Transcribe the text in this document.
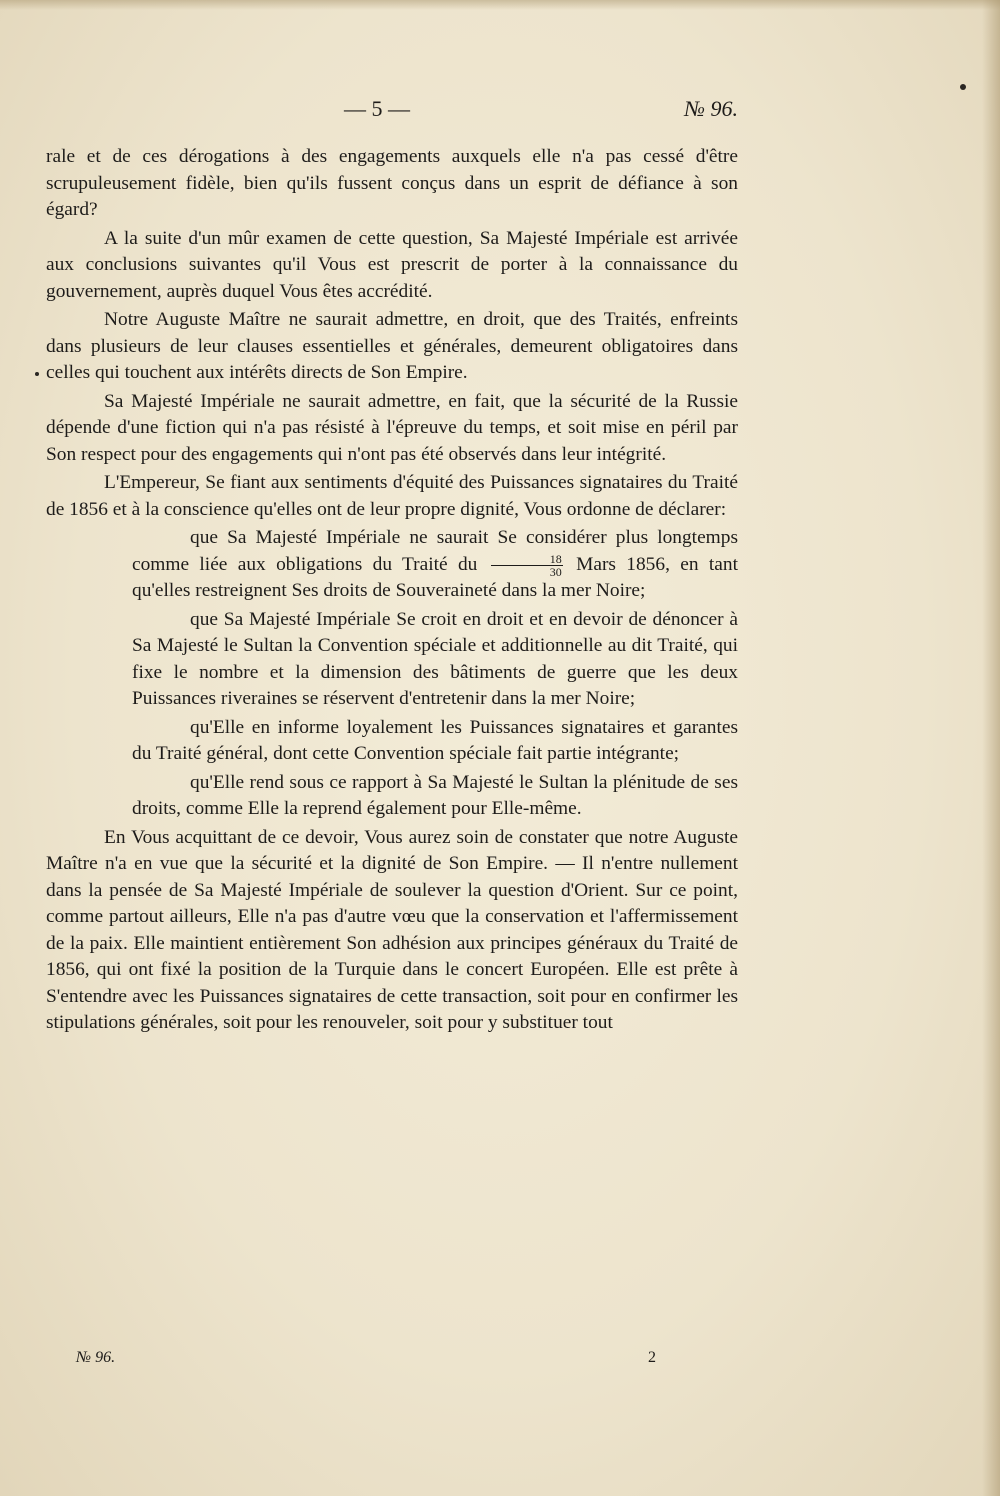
— 5 —	№ 96.

rale et de ces dérogations à des engagements auxquels elle n'a pas cessé d'être scrupuleusement fidèle, bien qu'ils fussent conçus dans un esprit de défiance à son égard?

A la suite d'un mûr examen de cette question, Sa Majesté Impériale est arrivée aux conclusions suivantes qu'il Vous est prescrit de porter à la connaissance du gouvernement, auprès duquel Vous êtes accrédité.

Notre Auguste Maître ne saurait admettre, en droit, que des Traités, enfreints dans plusieurs de leur clauses essentielles et générales, demeurent obligatoires dans celles qui touchent aux intérêts directs de Son Empire.

Sa Majesté Impériale ne saurait admettre, en fait, que la sécurité de la Russie dépende d'une fiction qui n'a pas résisté à l'épreuve du temps, et soit mise en péril par Son respect pour des engagements qui n'ont pas été observés dans leur intégrité.

L'Empereur, Se fiant aux sentiments d'équité des Puissances signataires du Traité de 1856 et à la conscience qu'elles ont de leur propre dignité, Vous ordonne de déclarer:

que Sa Majesté Impériale ne saurait Se considérer plus longtemps comme liée aux obligations du Traité du $\frac{18}{30}$ Mars 1856, en tant qu'elles restreignent Ses droits de Souveraineté dans la mer Noire;

que Sa Majesté Impériale Se croit en droit et en devoir de dénoncer à Sa Majesté le Sultan la Convention spéciale et additionnelle au dit Traité, qui fixe le nombre et la dimension des bâtiments de guerre que les deux Puissances riveraines se réservent d'entretenir dans la mer Noire;

qu'Elle en informe loyalement les Puissances signataires et garantes du Traité général, dont cette Convention spéciale fait partie intégrante;

qu'Elle rend sous ce rapport à Sa Majesté le Sultan la plénitude de ses droits, comme Elle la reprend également pour Elle-même.

En Vous acquittant de ce devoir, Vous aurez soin de constater que notre Auguste Maître n'a en vue que la sécurité et la dignité de Son Empire. — Il n'entre nullement dans la pensée de Sa Majesté Impériale de soulever la question d'Orient. Sur ce point, comme partout ailleurs, Elle n'a pas d'autre vœu que la conservation et l'affermissement de la paix. Elle maintient entièrement Son adhésion aux principes généraux du Traité de 1856, qui ont fixé la position de la Turquie dans le concert Européen. Elle est prête à S'entendre avec les Puissances signataires de cette transaction, soit pour en confirmer les stipulations générales, soit pour les renouveler, soit pour y substituer tout

№ 96.	2
